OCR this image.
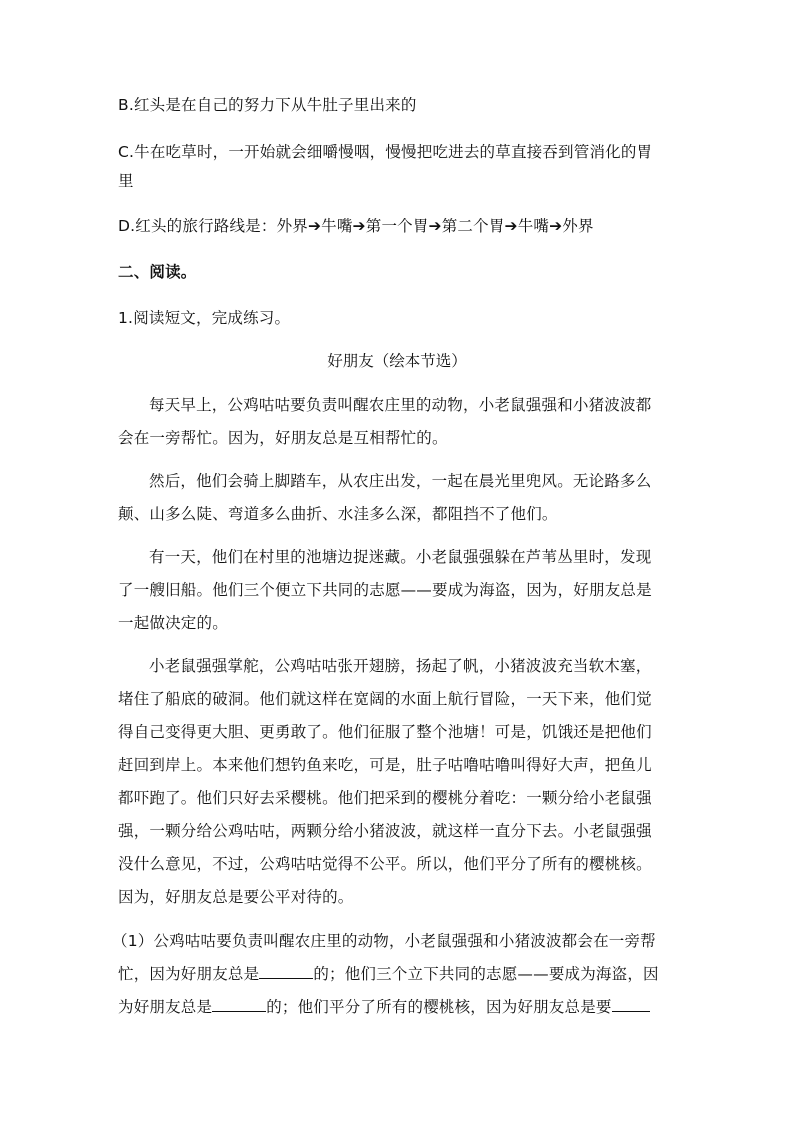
B.红头是在自己的努力下从牛肚子里出来的
C.牛在吃草时，一开始就会细嚼慢咽，慢慢把吃进去的草直接吞到管消化的胃
里
D.红头的旅行路线是：外界➔牛嘴➔第一个胃➔第二个胃➔牛嘴➔外界
二、阅读。
1.阅读短文，完成练习。
好朋友（绘本节选）
每天早上，公鸡咕咕要负责叫醒农庄里的动物，小老鼠强强和小猪波波都
会在一旁帮忙。因为，好朋友总是互相帮忙的。
然后，他们会骑上脚踏车，从农庄出发，一起在晨光里兜风。无论路多么
颠、山多么陡、弯道多么曲折、水洼多么深，都阻挡不了他们。
有一天，他们在村里的池塘边捉迷藏。小老鼠强强躲在芦苇丛里时，发现
了一艘旧船。他们三个便立下共同的志愿——要成为海盗，因为，好朋友总是
一起做决定的。
小老鼠强强掌舵，公鸡咕咕张开翅膀，扬起了帆，小猪波波充当软木塞，
堵住了船底的破洞。他们就这样在宽阔的水面上航行冒险，一天下来，他们觉
得自己变得更大胆、更勇敢了。他们征服了整个池塘！可是，饥饿还是把他们
赶回到岸上。本来他们想钓鱼来吃，可是，肚子咕噜咕噜叫得好大声，把鱼儿
都吓跑了。他们只好去采樱桃。他们把采到的樱桃分着吃：一颗分给小老鼠强
强，一颗分给公鸡咕咕，两颗分给小猪波波，就这样一直分下去。小老鼠强强
没什么意见，不过，公鸡咕咕觉得不公平。所以，他们平分了所有的樱桃核。
因为，好朋友总是要公平对待的。
（1）公鸡咕咕要负责叫醒农庄里的动物，小老鼠强强和小猪波波都会在一旁帮
忙，因为好朋友总是	的；他们三个立下共同的志愿——要成为海盗，因
为好朋友总是	的；他们平分了所有的樱桃核，因为好朋友总是要
